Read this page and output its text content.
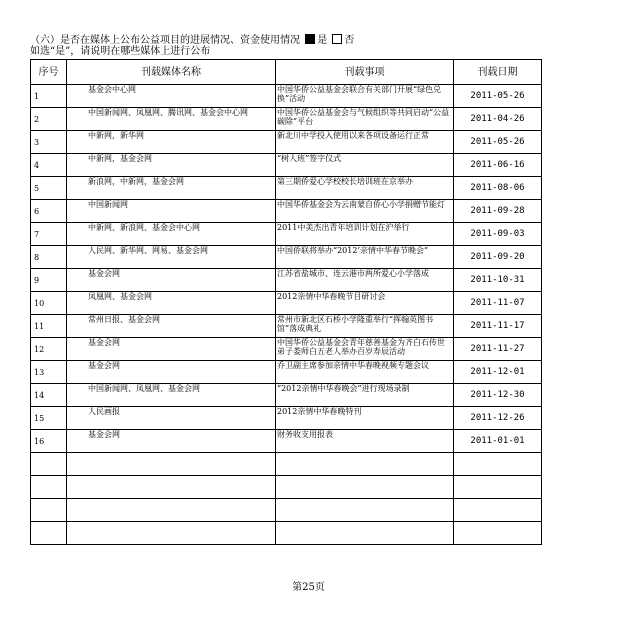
（六）是否在媒体上公布公益项目的进展情况、资金使用情况 是 否
如选“是”，请说明在哪些媒体上进行公布
序号	刊载媒体名称	刊载事项	刊载日期
1	基金会中心网	中国华侨公益基金会联合有关部门开展“绿色兑换”活动	2011-05-26
2	中国新闻网、凤凰网、腾讯网、基金会中心网	中国华侨公益基金会与气候组织等共同启动“公益碳除”平台	2011-04-26
3	中新网，新华网	新北川中学投入使用以来各项设备运行正常	2011-05-26
4	中新网，基金会网	“树人班”签字仪式	2011-06-16
5	新浪网，中新网，基金会网	第三期侨爱心学校校长培训班在京举办	2011-08-06
6	中国新闻网	中国华侨基金会为云南蒙自侨心小学捐赠节能灯	2011-09-28
7	中新网、新浪网、基金会中心网	2011中美杰出青年培训计划在沪举行	2011-09-03
8	人民网、新华网、网易、基金会网	中国侨联将举办“2012’亲情中华春节晚会”	2011-09-20
9	基金会网	江苏省盐城市、连云港市两所爱心小学落成	2011-10-31
10	凤凰网、基金会网	2012亲情中华春晚节目研讨会	2011-11-07
11	常州日报、基金会网	常州市新北区石桥小学隆重举行“挥翰英图书馆”落成典礼	2011-11-17
12	基金会网	中国华侨公益基金会青年慈善基金为齐白石传世弟子娄师白五老人举办百岁寿辰活动	2011-11-27
13	基金会网	乔卫副主席参加亲情中华春晚视频专题会议	2011-12-01
14	中国新闻网、凤凰网、基金会网	“2012亲情中华春晚会”进行现场录制	2011-12-30
15	人民画报	2012亲情中华春晚特刊	2011-12-26
16	基金会网	财务收支用报表	2011-01-01

第25页
